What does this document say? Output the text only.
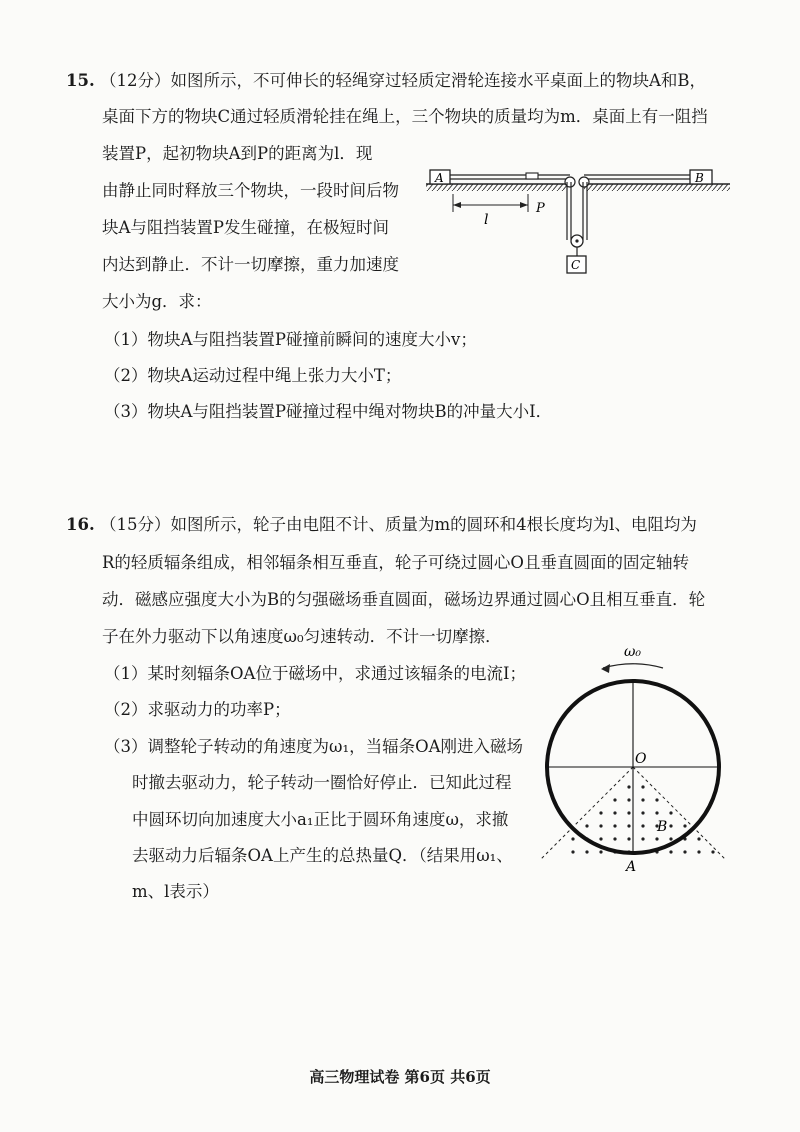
15. （12分）如图所示，不可伸长的轻绳穿过轻质定滑轮连接水平桌面上的物块A和B，
桌面下方的物块C通过轻质滑轮挂在绳上，三个物块的质量均为m．桌面上有一阻挡
装置P，起初物块A到P的距离为l．现
由静止同时释放三个物块，一段时间后物
块A与阻挡装置P发生碰撞，在极短时间
内达到静止．不计一切摩擦，重力加速度
大小为g．求：
（1）物块A与阻挡装置P碰撞前瞬间的速度大小v；
（2）物块A运动过程中绳上张力大小T；
（3）物块A与阻挡装置P碰撞过程中绳对物块B的冲量大小I．
A	B
P
C
l
16. （15分）如图所示，轮子由电阻不计、质量为m的圆环和4根长度均为l、电阻均为
R的轻质辐条组成，相邻辐条相互垂直，轮子可绕过圆心O且垂直圆面的固定轴转
动．磁感应强度大小为B的匀强磁场垂直圆面，磁场边界通过圆心O且相互垂直．轮
子在外力驱动下以角速度ω₀匀速转动．不计一切摩擦．
（1）某时刻辐条OA位于磁场中，求通过该辐条的电流I；
（2）求驱动力的功率P；
（3）调整轮子转动的角速度为ω₁，当辐条OA刚进入磁场
时撤去驱动力，轮子转动一圈恰好停止．已知此过程
中圆环切向加速度大小a₁正比于圆环角速度ω，求撤
去驱动力后辐条OA上产生的总热量Q．（结果用ω₁、
m、l表示）
ω₀
O
B
A
高三物理试卷 第6页 共6页
